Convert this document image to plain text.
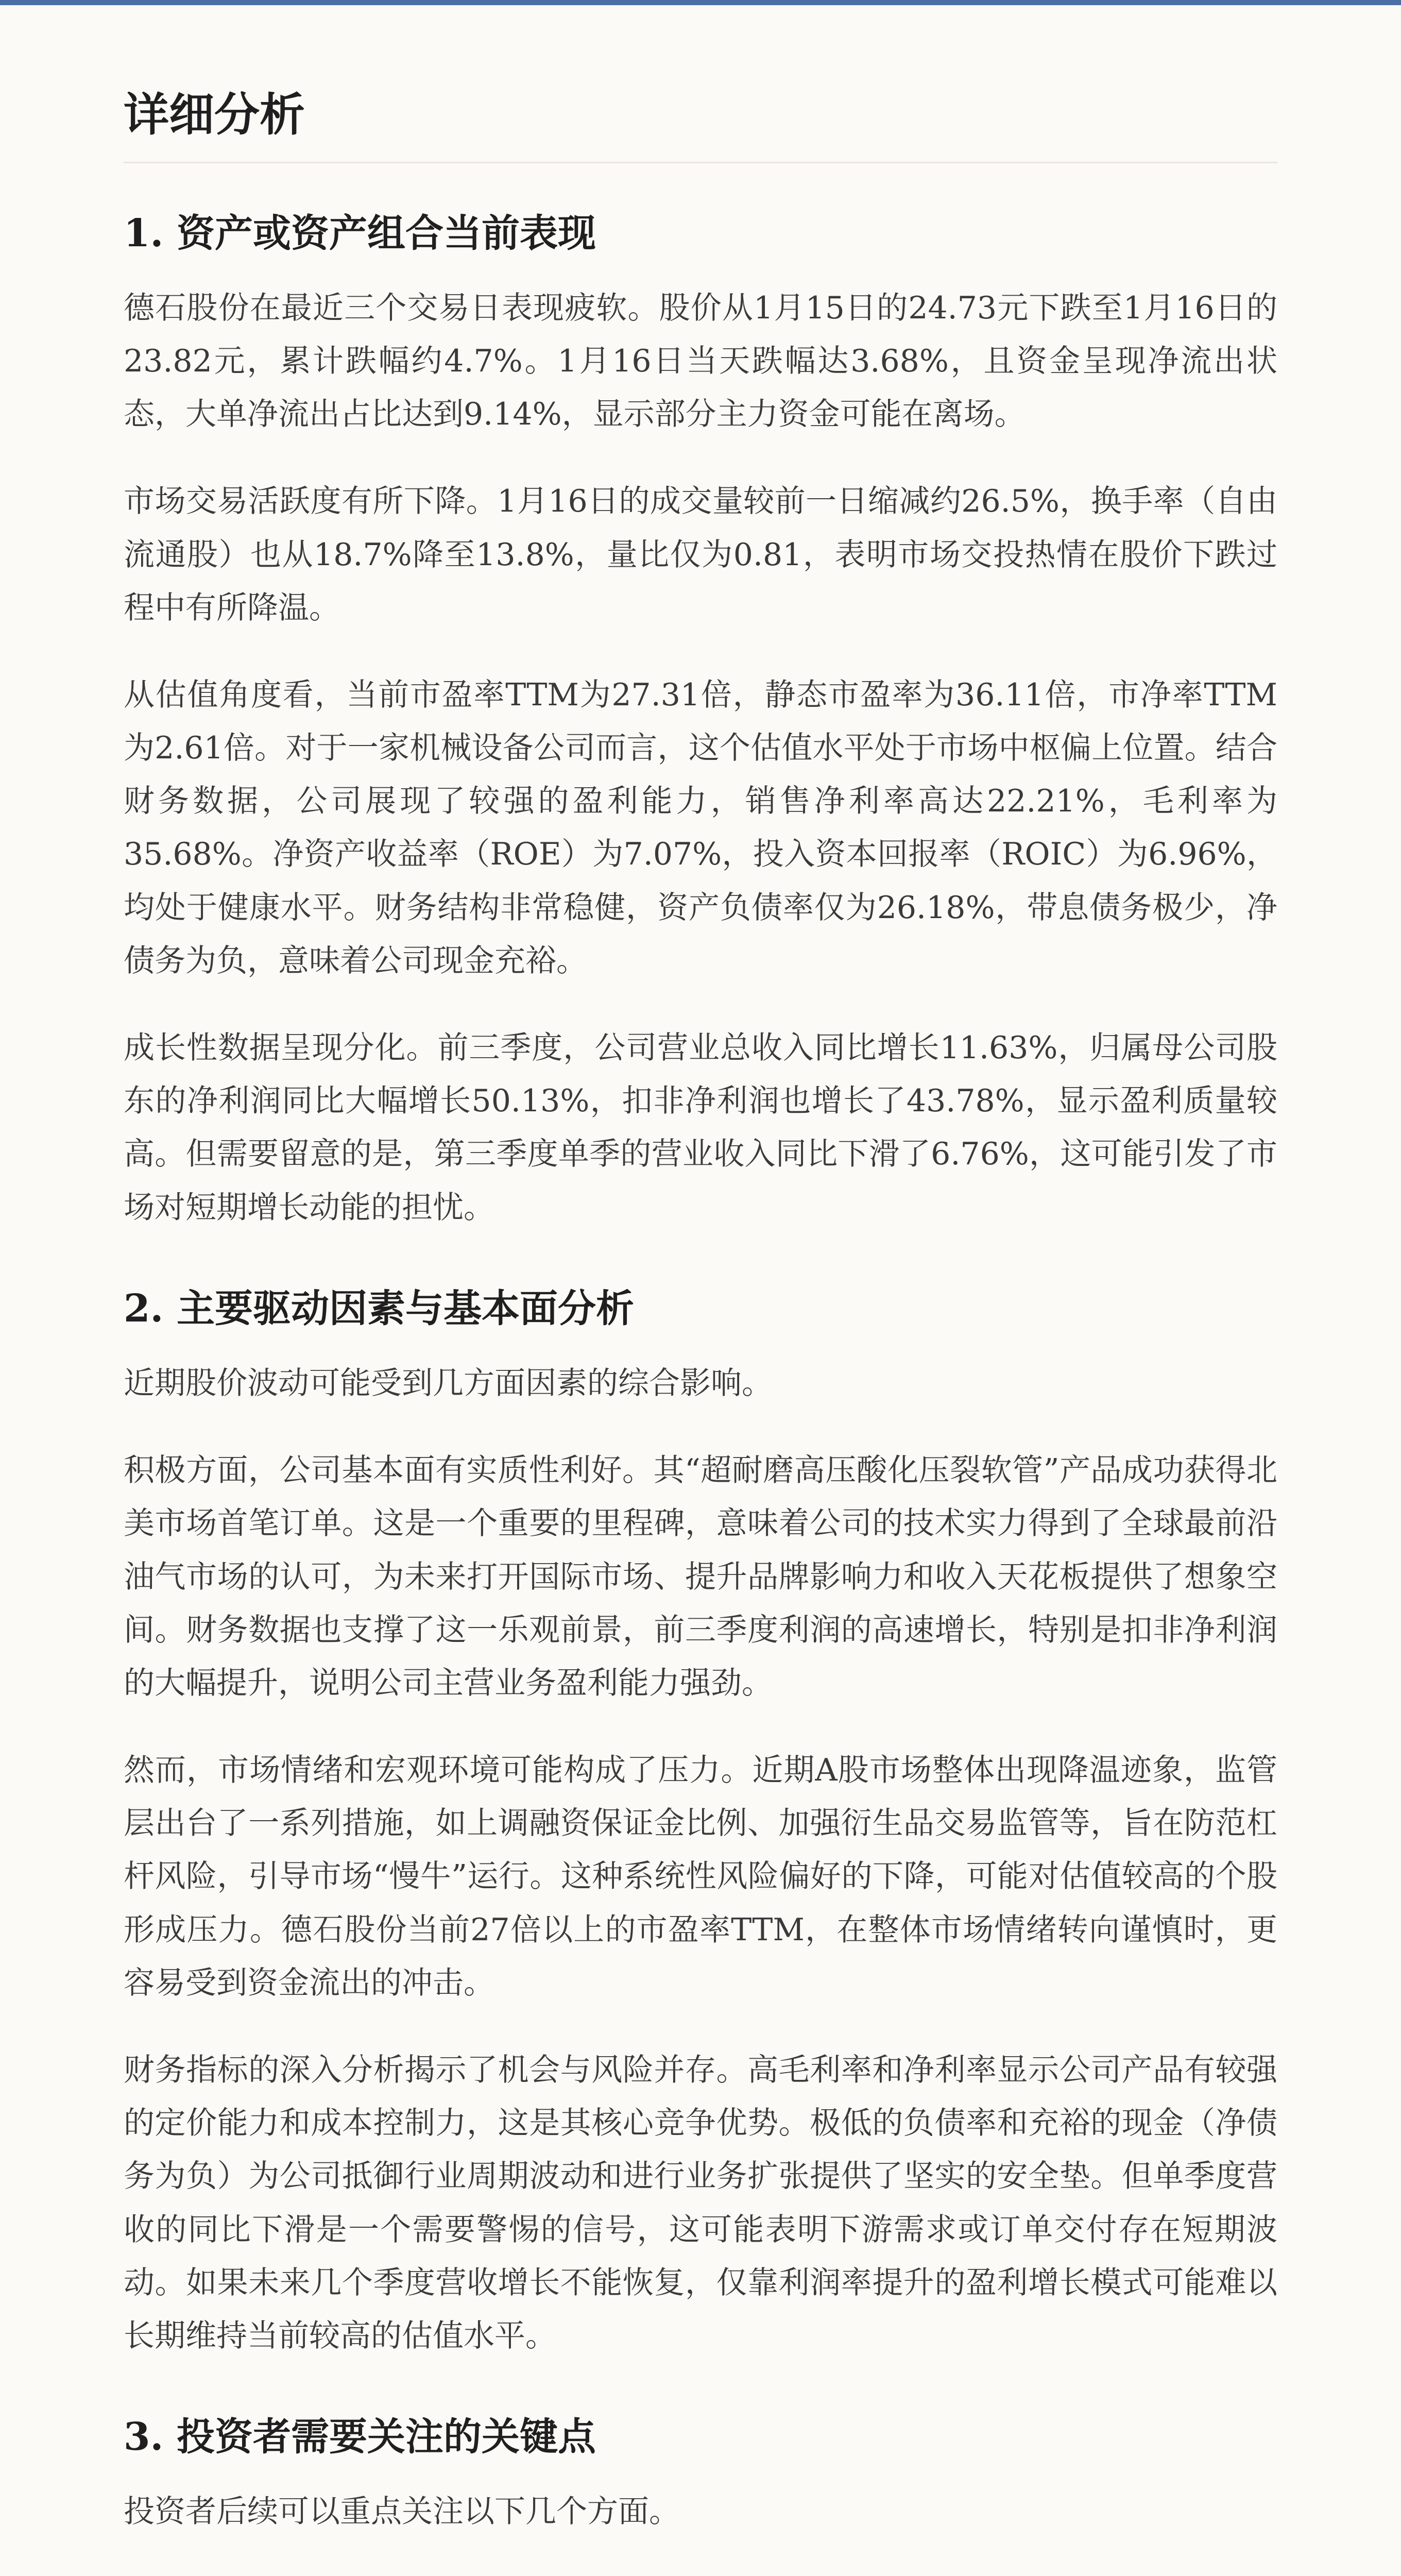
详细分析
1. 资产或资产组合当前表现

德石股份在最近三个交易日表现疲软。股价从1月15日的24.73元下跌至1月16日的23.82元，累计跌幅约4.7%。1月16日当天跌幅达3.68%，且资金呈现净流出状态，大单净流出占比达到9.14%，显示部分主力资金可能在离场。

市场交易活跃度有所下降。1月16日的成交量较前一日缩减约26.5%，换手率（自由流通股）也从18.7%降至13.8%，量比仅为0.81，表明市场交投热情在股价下跌过程中有所降温。

从估值角度看，当前市盈率TTM为27.31倍，静态市盈率为36.11倍，市净率TTM为2.61倍。对于一家机械设备公司而言，这个估值水平处于市场中枢偏上位置。结合财务数据，公司展现了较强的盈利能力，销售净利率高达22.21%，毛利率为35.68%。净资产收益率（ROE）为7.07%，投入资本回报率（ROIC）为6.96%，均处于健康水平。财务结构非常稳健，资产负债率仅为26.18%，带息债务极少，净债务为负，意味着公司现金充裕。

成长性数据呈现分化。前三季度，公司营业总收入同比增长11.63%，归属母公司股东的净利润同比大幅增长50.13%，扣非净利润也增长了43.78%，显示盈利质量较高。但需要留意的是，第三季度单季的营业收入同比下滑了6.76%，这可能引发了市场对短期增长动能的担忧。

2. 主要驱动因素与基本面分析

近期股价波动可能受到几方面因素的综合影响。

积极方面，公司基本面有实质性利好。其“超耐磨高压酸化压裂软管”产品成功获得北美市场首笔订单。这是一个重要的里程碑，意味着公司的技术实力得到了全球最前沿油气市场的认可，为未来打开国际市场、提升品牌影响力和收入天花板提供了想象空间。财务数据也支撑了这一乐观前景，前三季度利润的高速增长，特别是扣非净利润的大幅提升，说明公司主营业务盈利能力强劲。

然而，市场情绪和宏观环境可能构成了压力。近期A股市场整体出现降温迹象，监管层出台了一系列措施，如上调融资保证金比例、加强衍生品交易监管等，旨在防范杠杆风险，引导市场“慢牛”运行。这种系统性风险偏好的下降，可能对估值较高的个股形成压力。德石股份当前27倍以上的市盈率TTM，在整体市场情绪转向谨慎时，更容易受到资金流出的冲击。

财务指标的深入分析揭示了机会与风险并存。高毛利率和净利率显示公司产品有较强的定价能力和成本控制力，这是其核心竞争优势。极低的负债率和充裕的现金（净债务为负）为公司抵御行业周期波动和进行业务扩张提供了坚实的安全垫。但单季度营收的同比下滑是一个需要警惕的信号，这可能表明下游需求或订单交付存在短期波动。如果未来几个季度营收增长不能恢复，仅靠利润率提升的盈利增长模式可能难以长期维持当前较高的估值水平。

3. 投资者需要关注的关键点

投资者后续可以重点关注以下几个方面。
